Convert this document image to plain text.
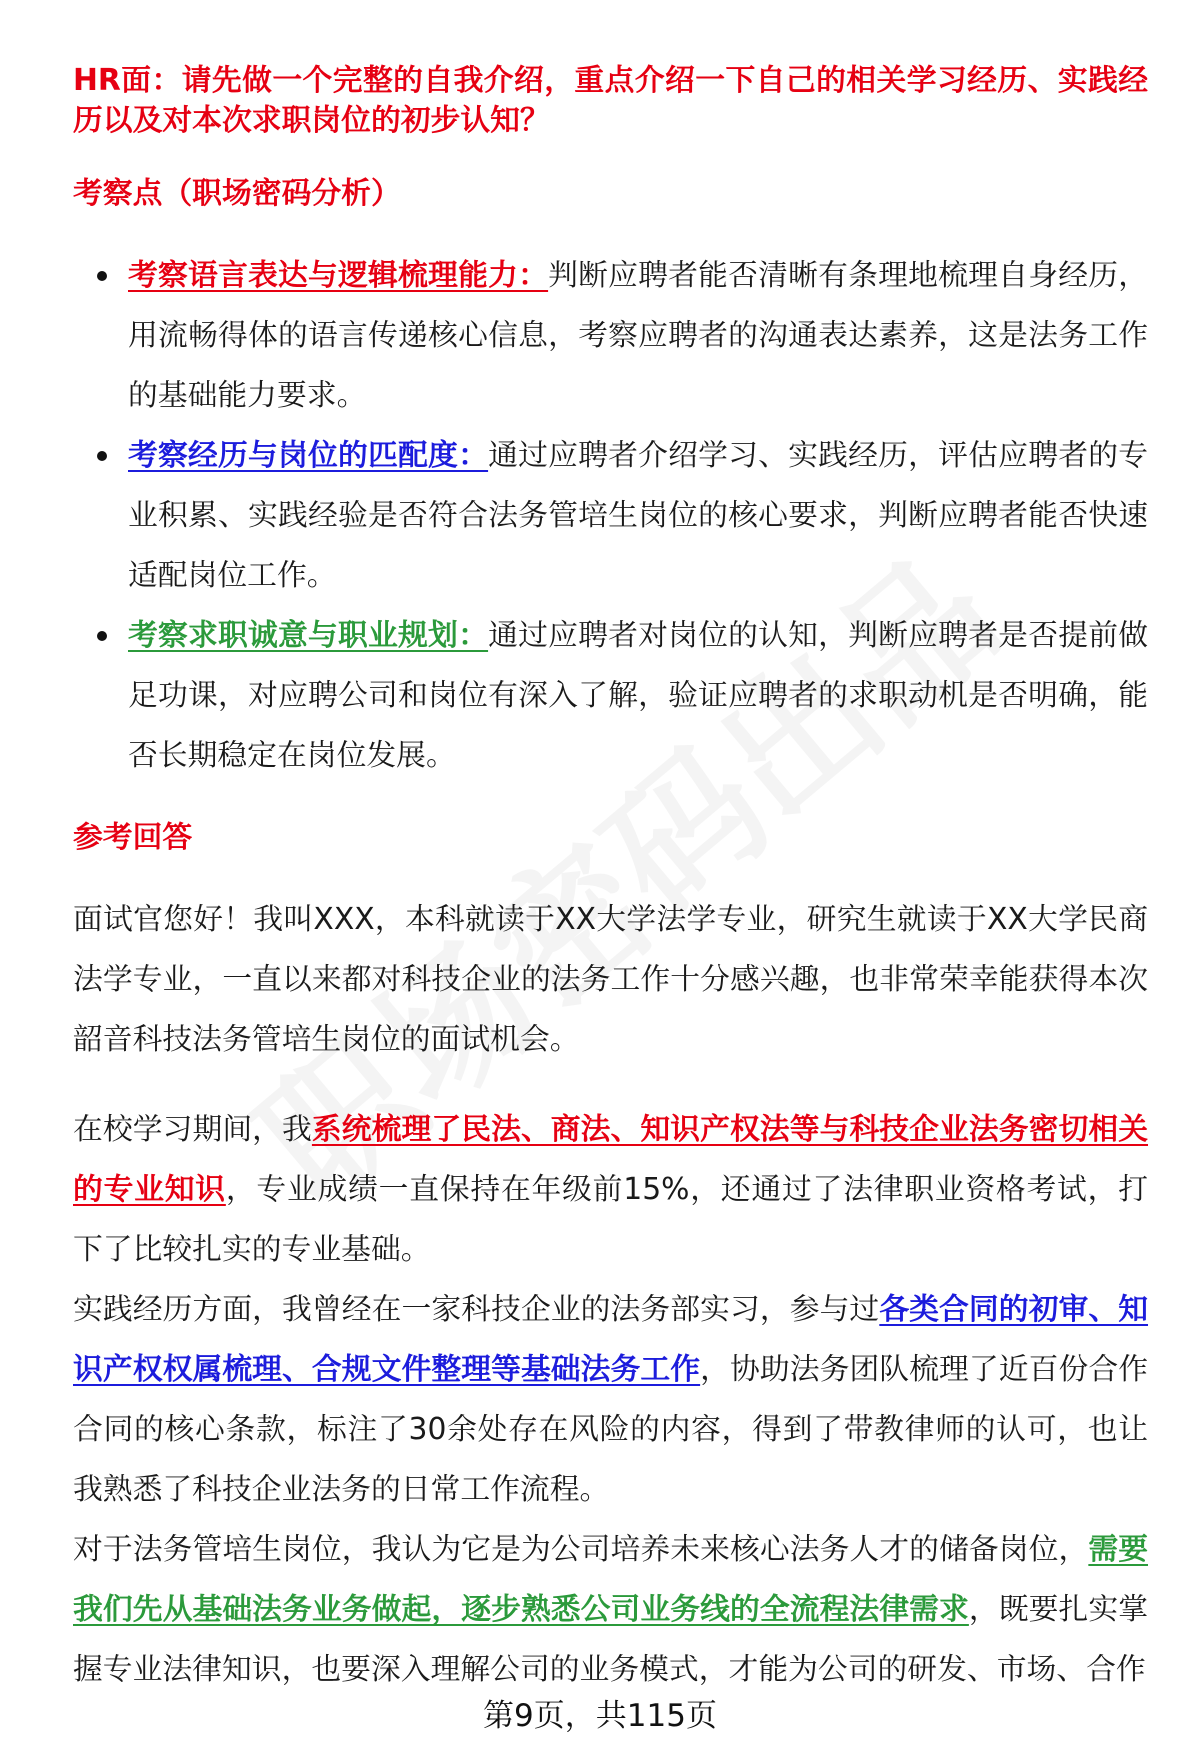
HR面：请先做一个完整的自我介绍，重点介绍一下自己的相关学习经历、实践经历以及对本次求职岗位的初步认知？
考察点（职场密码分析）
考察语言表达与逻辑梳理能力：判断应聘者能否清晰有条理地梳理自身经历，用流畅得体的语言传递核心信息，考察应聘者的沟通表达素养，这是法务工作的基础能力要求。
考察经历与岗位的匹配度：通过应聘者介绍学习、实践经历，评估应聘者的专业积累、实践经验是否符合法务管培生岗位的核心要求，判断应聘者能否快速适配岗位工作。
考察求职诚意与职业规划：通过应聘者对岗位的认知，判断应聘者是否提前做足功课，对应聘公司和岗位有深入了解，验证应聘者的求职动机是否明确，能否长期稳定在岗位发展。
参考回答

面试官您好！我叫XXX，本科就读于XX大学法学专业，研究生就读于XX大学民商法学专业，一直以来都对科技企业的法务工作十分感兴趣，也非常荣幸能获得本次韶音科技法务管培生岗位的面试机会。

在校学习期间，我系统梳理了民法、商法、知识产权法等与科技企业法务密切相关的专业知识，专业成绩一直保持在年级前15%，还通过了法律职业资格考试，打下了比较扎实的专业基础。

实践经历方面，我曾经在一家科技企业的法务部实习，参与过各类合同的初审、知识产权权属梳理、合规文件整理等基础法务工作，协助法务团队梳理了近百份合作合同的核心条款，标注了30余处存在风险的内容，得到了带教律师的认可，也让我熟悉了科技企业法务的日常工作流程。

对于法务管培生岗位，我认为它是为公司培养未来核心法务人才的储备岗位，需要我们先从基础法务业务做起，逐步熟悉公司业务线的全流程法律需求，既要扎实掌握专业法律知识，也要深入理解公司的业务模式，才能为公司的研发、市场、合作

第9页，共115页
